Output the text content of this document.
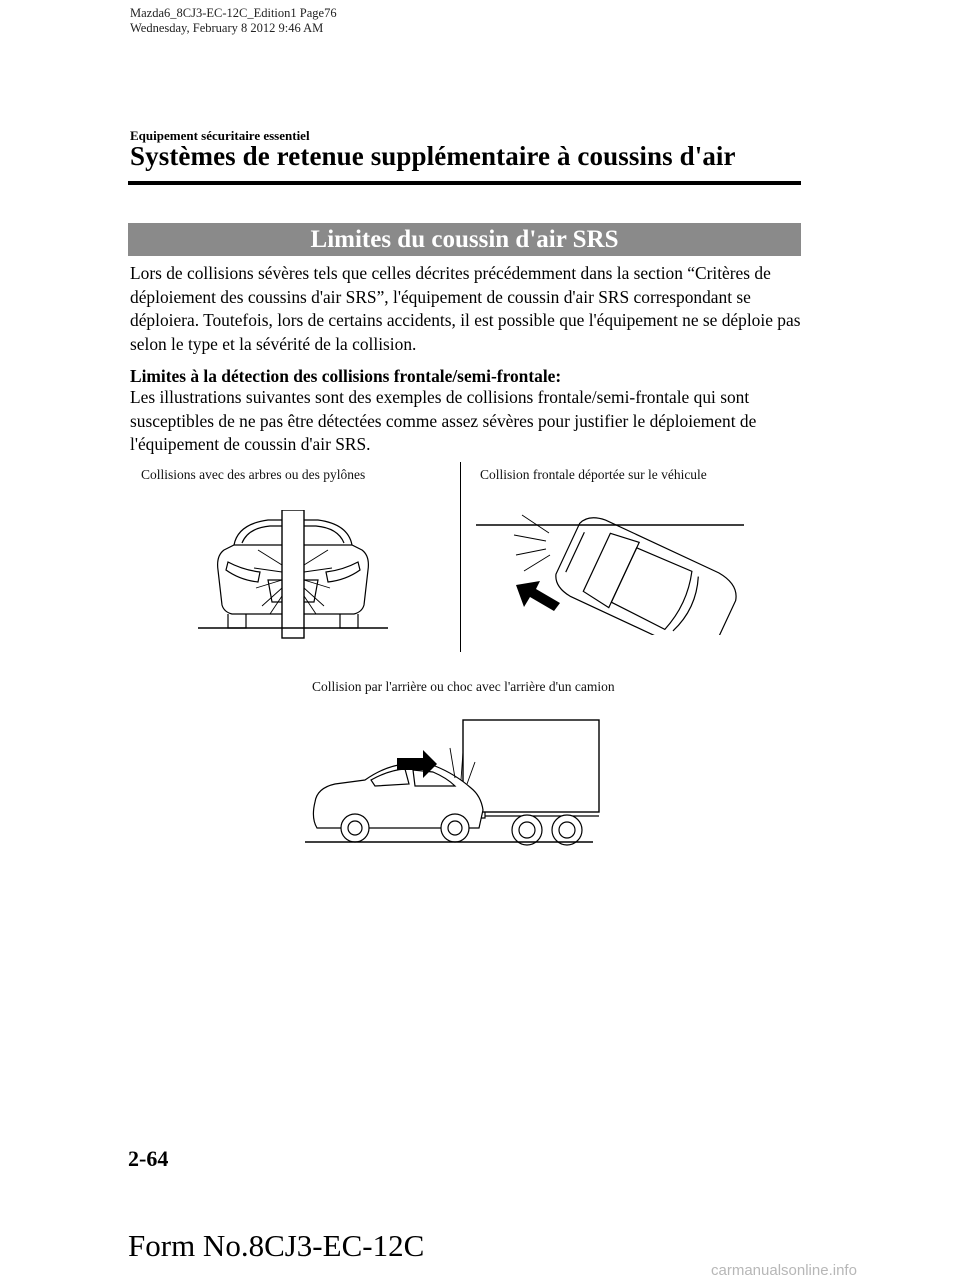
Mazda6_8CJ3-EC-12C_Edition1 Page76
Wednesday, February 8 2012 9:46 AM
Equipement sécuritaire essentiel
Systèmes de retenue supplémentaire à coussins d'air
Limites du coussin d'air SRS
Lors de collisions sévères tels que celles décrites précédemment dans la section “Critères de déploiement des coussins d'air SRS”, l'équipement de coussin d'air SRS correspondant se déploiera. Toutefois, lors de certains accidents, il est possible que l'équipement ne se déploie pas selon le type et la sévérité de la collision.
Limites à la détection des collisions frontale/semi-frontale:
Les illustrations suivantes sont des exemples de collisions frontale/semi-frontale qui sont susceptibles de ne pas être détectées comme assez sévères pour justifier le déploiement de l'équipement de coussin d'air SRS.
Collisions avec des arbres ou des pylônes	Collision frontale déportée sur le véhicule
Collision par l'arrière ou choc avec l'arrière d'un camion
2-64
Form No.8CJ3-EC-12C
carmanualsonline.info
